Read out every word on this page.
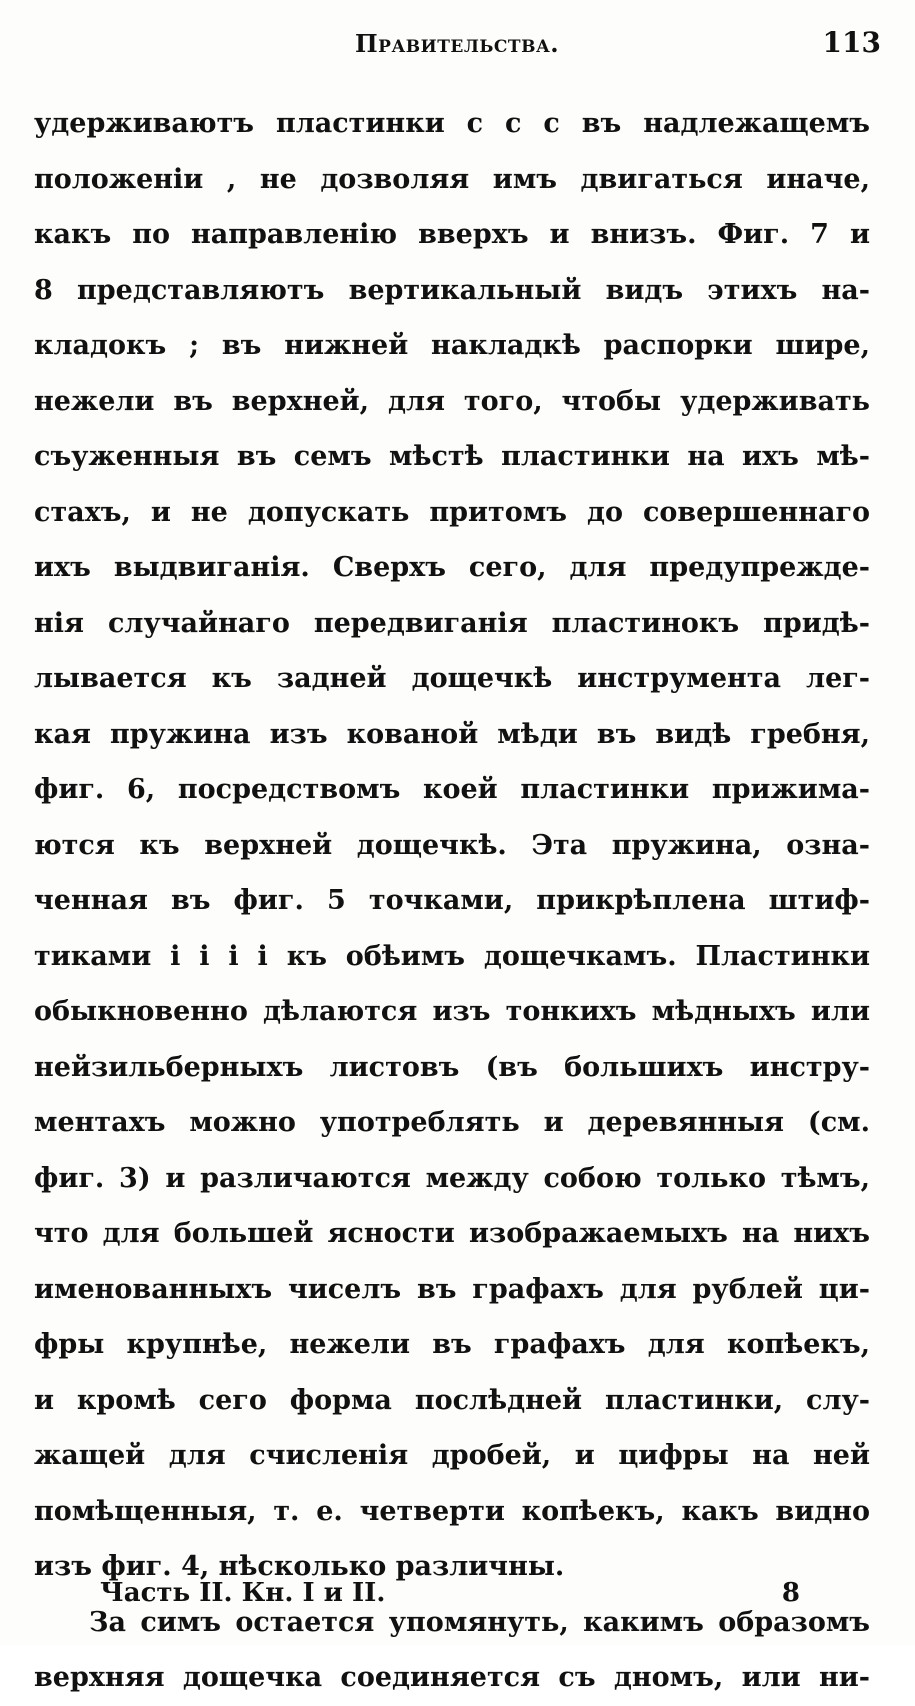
Правительства.	113
удерживаютъ пластинки с с с въ надлежащемъ
положеніи , не дозволяя имъ двигаться иначе,
какъ по направленію вверхъ и внизъ. Фиг. 7 и
8 представляютъ вертикальный видъ этихъ на-
кладокъ ; въ нижней накладкѣ распорки шире,
нежели въ верхней, для того, чтобы удерживать
съуженныя въ семъ мѣстѣ пластинки на ихъ мѣ-
стахъ, и не допускать притомъ до совершеннаго
ихъ выдвиганія. Сверхъ сего, для предупрежде-
нія случайнаго передвиганія пластинокъ придѣ-
лывается къ задней дощечкѣ инструмента лег-
кая пружина изъ кованой мѣди въ видѣ гребня,
фиг. 6, посредствомъ коей пластинки прижима-
ются къ верхней дощечкѣ. Эта пружина, озна-
ченная въ фиг. 5 точками, прикрѣплена штиф-
тиками і і і і къ обѣимъ дощечкамъ. Пластинки
обыкновенно дѣлаются изъ тонкихъ мѣдныхъ или
нейзильберныхъ листовъ (въ большихъ инстру-
ментахъ можно употреблять и деревянныя (см.
фиг. 3) и различаются между собою только тѣмъ,
что для большей ясности изображаемыхъ на нихъ
именованныхъ чиселъ въ графахъ для рублей ци-
фры крупнѣе, нежели въ графахъ для копѣекъ,
и кромѣ сего форма послѣдней пластинки, слу-
жащей для счисленія дробей, и цифры на ней
помѣщенныя, т. е. четверти копѣекъ, какъ видно
изъ фиг. 4, нѣсколько различны.
За симъ остается упомянуть, какимъ образомъ
верхняя дощечка соединяется съ дномъ, или ни-
Часть II. Кн. I и II.	8
